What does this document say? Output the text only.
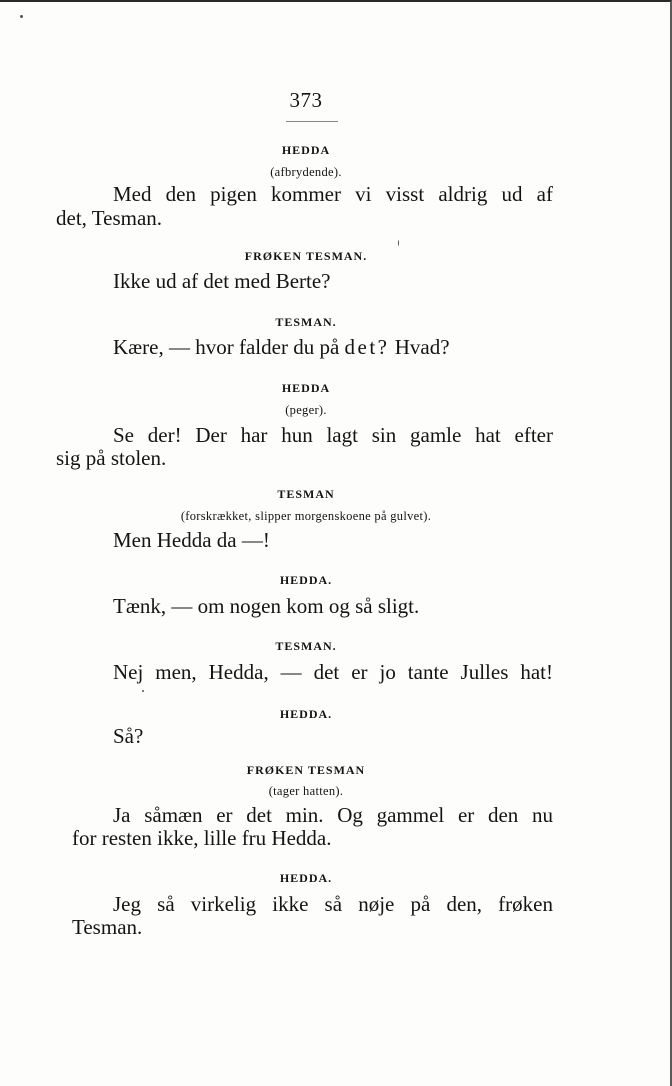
373
HEDDA
(afbrydende).
Med den pigen kommer vi visst aldrig ud af
det, Tesman.
FRØKEN TESMAN.
Ikke ud af det med Berte?
TESMAN.
Kære, — hvor falder du på det? Hvad?
HEDDA
(peger).
Se der! Der har hun lagt sin gamle hat efter
sig på stolen.
TESMAN
(forskrækket, slipper morgenskoene på gulvet).
Men Hedda da —!
HEDDA.
Tænk, — om nogen kom og så sligt.
TESMAN.
Nej men, Hedda, — det er jo tante Julles hat!
HEDDA.
Så?
FRØKEN TESMAN
(tager hatten).
Ja såmæn er det min. Og gammel er den nu
for resten ikke, lille fru Hedda.
HEDDA.
Jeg så virkelig ikke så nøje på den, frøken
Tesman.
